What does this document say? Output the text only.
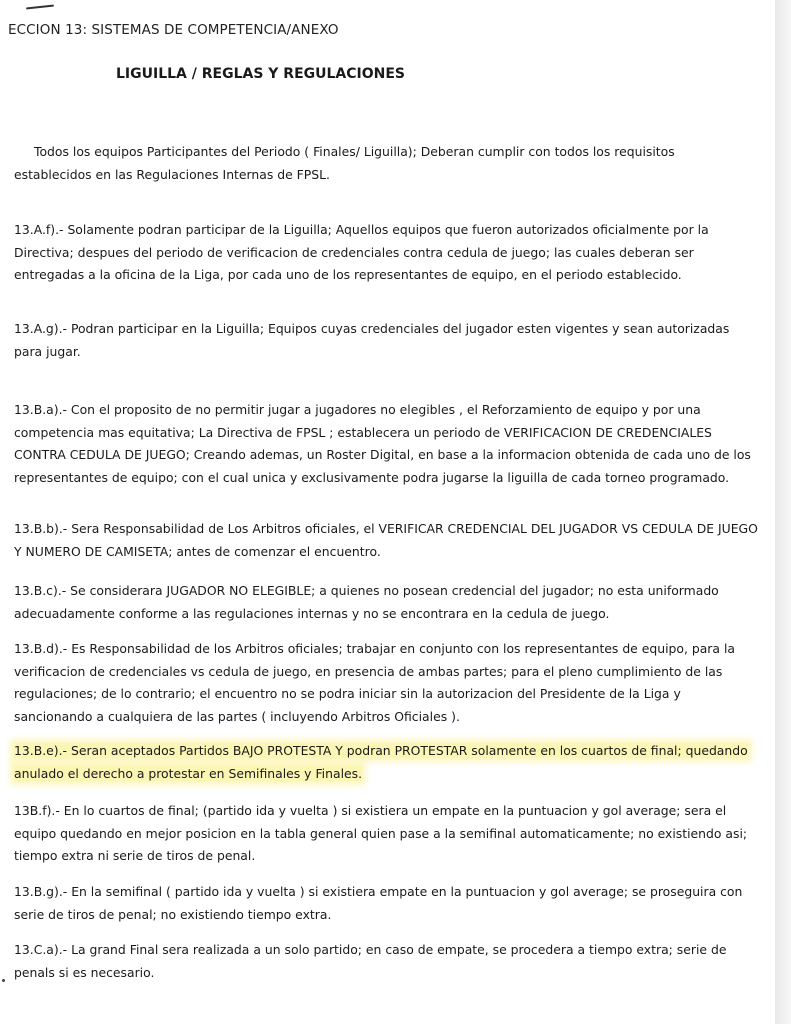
ECCION 13: SISTEMAS DE COMPETENCIA/ANEXO
LIGUILLA / REGLAS Y REGULACIONES
Todos los equipos Participantes del Periodo ( Finales/ Liguilla); Deberan cumplir con todos los requisitos establecidos en las Regulaciones Internas de FPSL.
13.A.f).- Solamente podran participar de la Liguilla; Aquellos equipos que fueron autorizados oficialmente por la Directiva; despues del periodo de verificacion de credenciales contra cedula de juego; las cuales deberan ser entregadas a la oficina de la Liga, por cada uno de los representantes de equipo, en el periodo establecido.
13.A.g).- Podran participar en la Liguilla; Equipos cuyas credenciales del jugador esten vigentes y sean autorizadas para jugar.
13.B.a).- Con el proposito de no permitir jugar a jugadores no elegibles , el Reforzamiento de equipo y por una competencia mas equitativa; La Directiva de FPSL ; establecera un periodo de VERIFICACION DE CREDENCIALES CONTRA CEDULA DE JUEGO; Creando ademas, un Roster Digital, en base a la informacion obtenida de cada uno de los representantes de equipo; con el cual unica y exclusivamente podra jugarse la liguilla de cada torneo programado.
13.B.b).- Sera Responsabilidad de Los Arbitros oficiales, el VERIFICAR CREDENCIAL DEL JUGADOR VS CEDULA DE JUEGO Y NUMERO DE CAMISETA; antes de comenzar el encuentro.
13.B.c).- Se considerara JUGADOR NO ELEGIBLE; a quienes no posean credencial del jugador; no esta uniformado adecuadamente conforme a las regulaciones internas y no se encontrara en la cedula de juego.
13.B.d).- Es Responsabilidad de los Arbitros oficiales; trabajar en conjunto con los representantes de equipo, para la verificacion de credenciales vs cedula de juego, en presencia de ambas partes; para el pleno cumplimiento de las regulaciones; de lo contrario; el encuentro no se podra iniciar sin la autorizacion del Presidente de la Liga y sancionando a cualquiera de las partes ( incluyendo Arbitros Oficiales ).
13.B.e).- Seran aceptados Partidos BAJO PROTESTA Y podran PROTESTAR solamente en los cuartos de final; quedando anulado el derecho a protestar en Semifinales y Finales.
13B.f).- En lo cuartos de final; (partido ida y vuelta ) si existiera un empate en la puntuacion y gol average; sera el equipo quedando en mejor posicion en la tabla general quien pase a la semifinal automaticamente; no existiendo asi; tiempo extra ni serie de tiros de penal.
13.B.g).- En la semifinal ( partido ida y vuelta ) si existiera empate en la puntuacion y gol average; se proseguira con serie de tiros de penal; no existiendo tiempo extra.
13.C.a).- La grand Final sera realizada a un solo partido; en caso de empate, se procedera a tiempo extra; serie de penals si es necesario.
